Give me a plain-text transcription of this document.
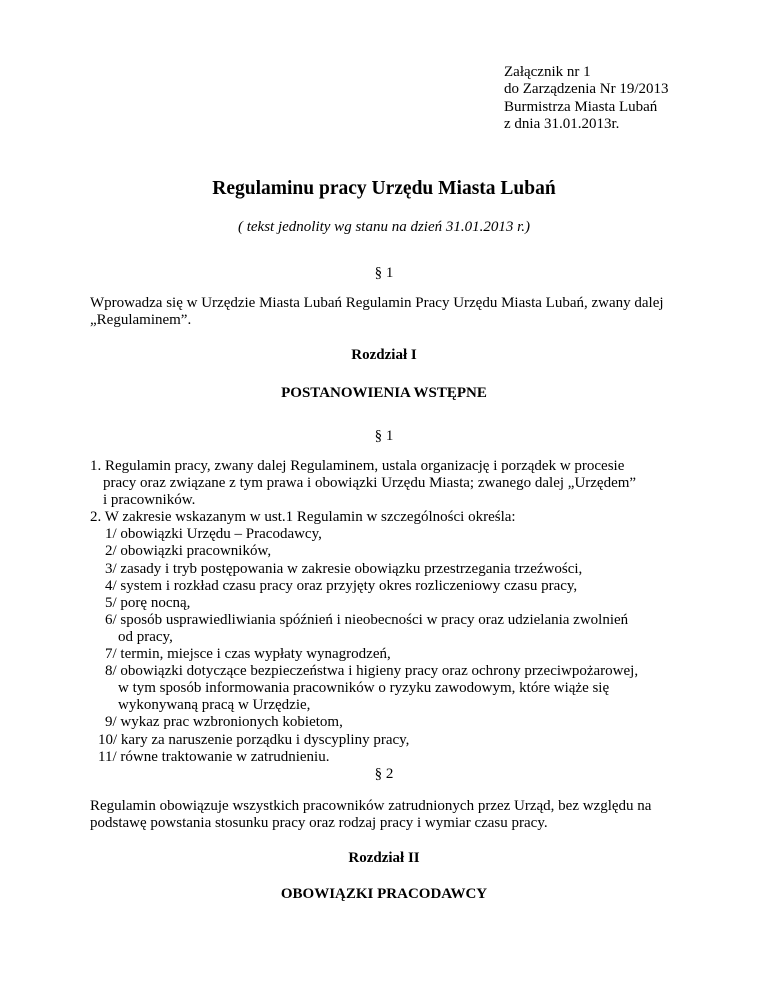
Załącznik nr 1
do Zarządzenia Nr 19/2013
Burmistrza Miasta Lubań
z dnia 31.01.2013r.
Regulaminu pracy Urzędu Miasta Lubań
( tekst jednolity wg stanu na dzień 31.01.2013 r.)
§ 1
Wprowadza się w Urzędzie Miasta Lubań Regulamin Pracy Urzędu Miasta Lubań, zwany dalej
„Regulaminem”.
Rozdział I
POSTANOWIENIA WSTĘPNE
§ 1
1. Regulamin pracy, zwany dalej Regulaminem, ustala organizację i porządek w procesie
pracy oraz związane z tym prawa i obowiązki Urzędu Miasta; zwanego dalej „Urzędem”
i pracowników.
2. W zakresie wskazanym w ust.1 Regulamin w szczególności określa:
1/ obowiązki Urzędu – Pracodawcy,
2/ obowiązki pracowników,
3/ zasady i tryb postępowania w zakresie obowiązku przestrzegania trzeźwości,
4/ system i rozkład czasu pracy oraz przyjęty okres rozliczeniowy czasu pracy,
5/ porę nocną,
6/ sposób usprawiedliwiania spóźnień i nieobecności w pracy oraz udzielania zwolnień
od pracy,
7/ termin, miejsce i czas wypłaty wynagrodzeń,
8/ obowiązki dotyczące bezpieczeństwa i higieny pracy oraz ochrony przeciwpożarowej,
w tym sposób informowania pracowników o ryzyku zawodowym, które wiąże się
wykonywaną pracą w Urzędzie,
9/ wykaz prac wzbronionych kobietom,
10/ kary za naruszenie porządku i dyscypliny pracy,
11/ równe traktowanie w zatrudnieniu.
§ 2
Regulamin obowiązuje wszystkich pracowników zatrudnionych przez Urząd, bez względu na
podstawę powstania stosunku pracy oraz rodzaj pracy i wymiar czasu pracy.
Rozdział II
OBOWIĄZKI PRACODAWCY
